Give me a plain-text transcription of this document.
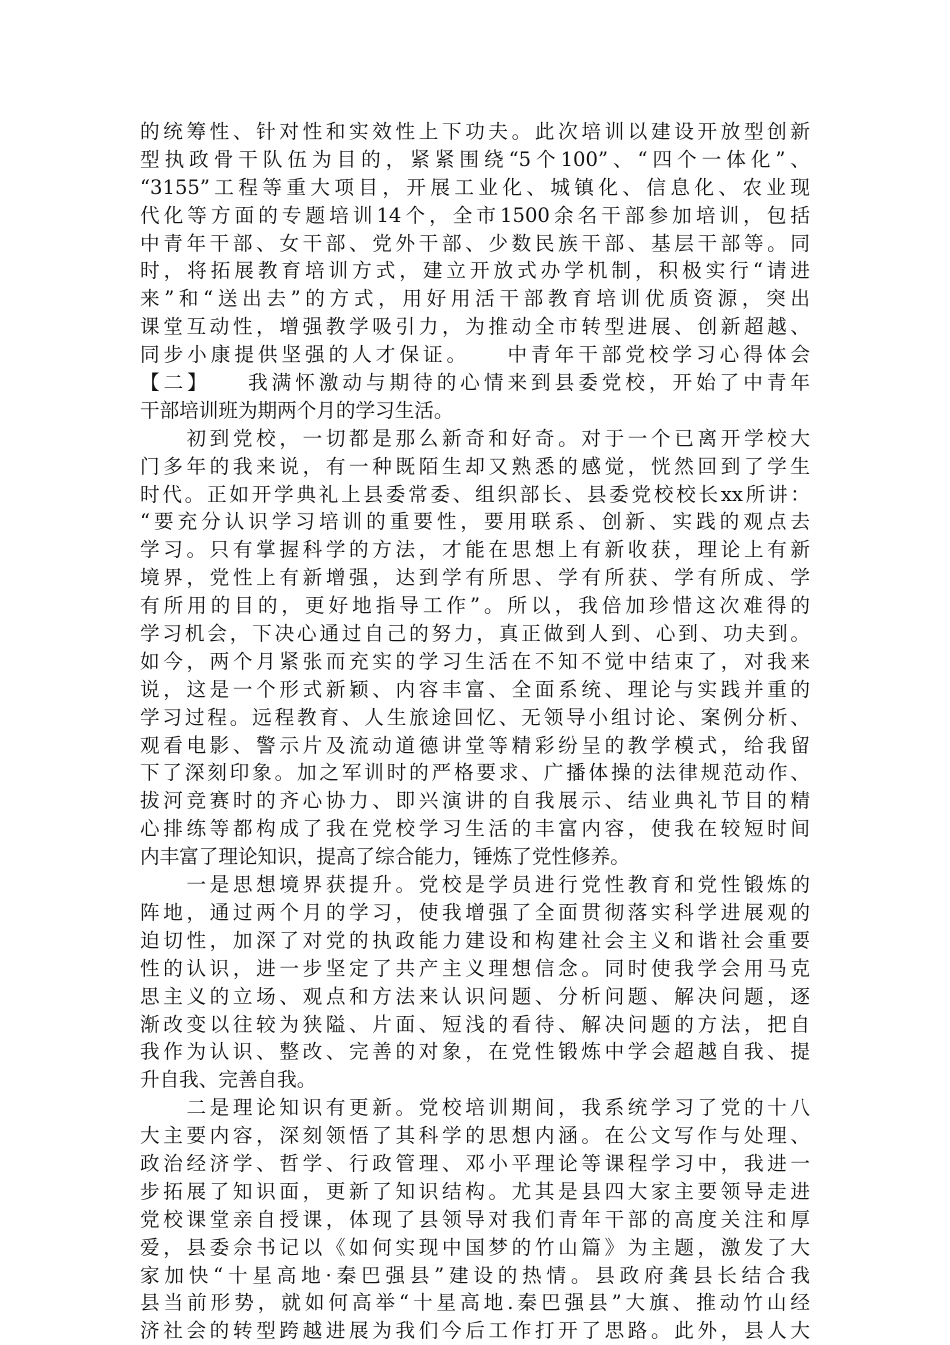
的统筹性、针对性和实效性上下功夫。此次培训以建设开放型创新
型执政骨干队伍为目的，紧紧围绕“5个100”、“四个一体化”、
“3155”工程等重大项目，开展工业化、城镇化、信息化、农业现
代化等方面的专题培训14个，全市1500余名干部参加培训，包括
中青年干部、女干部、党外干部、少数民族干部、基层干部等。同
时，将拓展教育培训方式，建立开放式办学机制，积极实行“请进
来”和“送出去”的方式，用好用活干部教育培训优质资源，突出
课堂互动性，增强教学吸引力，为推动全市转型进展、创新超越、
同步小康提供坚强的人才保证。　　中青年干部党校学习心得体会
【二】　　我满怀激动与期待的心情来到县委党校，开始了中青年
干部培训班为期两个月的学习生活。
　　初到党校，一切都是那么新奇和好奇。对于一个已离开学校大
门多年的我来说，有一种既陌生却又熟悉的感觉，恍然回到了学生
时代。正如开学典礼上县委常委、组织部长、县委党校校长xx所讲：
“要充分认识学习培训的重要性，要用联系、创新、实践的观点去
学习。只有掌握科学的方法，才能在思想上有新收获，理论上有新
境界，党性上有新增强，达到学有所思、学有所获、学有所成、学
有所用的目的，更好地指导工作”。所以，我倍加珍惜这次难得的
学习机会，下决心通过自己的努力，真正做到人到、心到、功夫到。
如今，两个月紧张而充实的学习生活在不知不觉中结束了，对我来
说，这是一个形式新颖、内容丰富、全面系统、理论与实践并重的
学习过程。远程教育、人生旅途回忆、无领导小组讨论、案例分析、
观看电影、警示片及流动道德讲堂等精彩纷呈的教学模式，给我留
下了深刻印象。加之军训时的严格要求、广播体操的法律规范动作、
拔河竞赛时的齐心协力、即兴演讲的自我展示、结业典礼节目的精
心排练等都构成了我在党校学习生活的丰富内容，使我在较短时间
内丰富了理论知识，提高了综合能力，锤炼了党性修养。
　　一是思想境界获提升。党校是学员进行党性教育和党性锻炼的
阵地，通过两个月的学习，使我增强了全面贯彻落实科学进展观的
迫切性，加深了对党的执政能力建设和构建社会主义和谐社会重要
性的认识，进一步坚定了共产主义理想信念。同时使我学会用马克
思主义的立场、观点和方法来认识问题、分析问题、解决问题，逐
渐改变以往较为狭隘、片面、短浅的看待、解决问题的方法，把自
我作为认识、整改、完善的对象，在党性锻炼中学会超越自我、提
升自我、完善自我。
　　二是理论知识有更新。党校培训期间，我系统学习了党的十八
大主要内容，深刻领悟了其科学的思想内涵。在公文写作与处理、
政治经济学、哲学、行政管理、邓小平理论等课程学习中，我进一
步拓展了知识面，更新了知识结构。尤其是县四大家主要领导走进
党校课堂亲自授课，体现了县领导对我们青年干部的高度关注和厚
爱，县委佘书记以《如何实现中国梦的竹山篇》为主题，激发了大
家加快“十星高地·秦巴强县”建设的热情。县政府龚县长结合我
县当前形势，就如何高举“十星高地.秦巴强县”大旗、推动竹山经
济社会的转型跨越进展为我们今后工作打开了思路。此外，县人大
